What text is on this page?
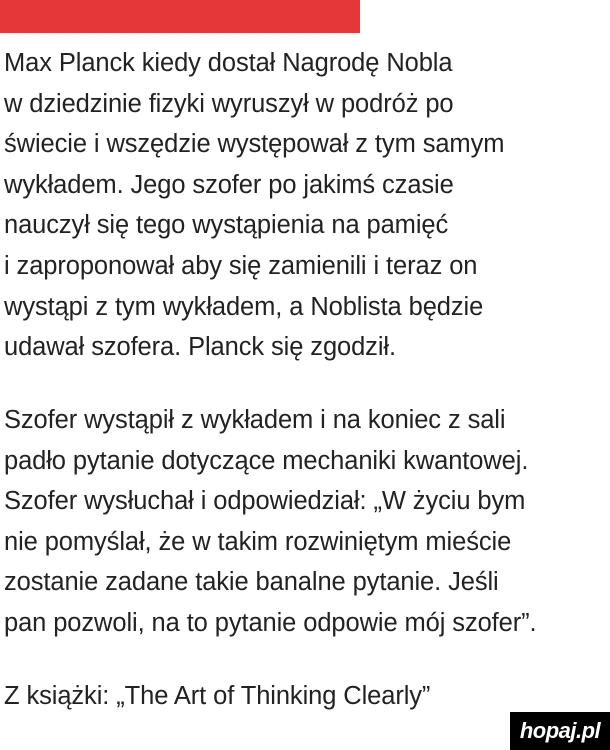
Max Planck kiedy dostał Nagrodę Nobla
w dziedzinie fizyki wyruszył w podróż po
świecie i wszędzie występował z tym samym
wykładem. Jego szofer po jakimś czasie
nauczył się tego wystąpienia na pamięć
i zaproponował aby się zamienili i teraz on
wystąpi z tym wykładem, a Noblista będzie
udawał szofera. Planck się zgodził.
Szofer wystąpił z wykładem i na koniec z sali
padło pytanie dotyczące mechaniki kwantowej.
Szofer wysłuchał i odpowiedział: „W życiu bym
nie pomyślał, że w takim rozwiniętym mieście
zostanie zadane takie banalne pytanie. Jeśli
pan pozwoli, na to pytanie odpowie mój szofer”.
Z książki: „The Art of Thinking Clearly”
hopaj.pl
